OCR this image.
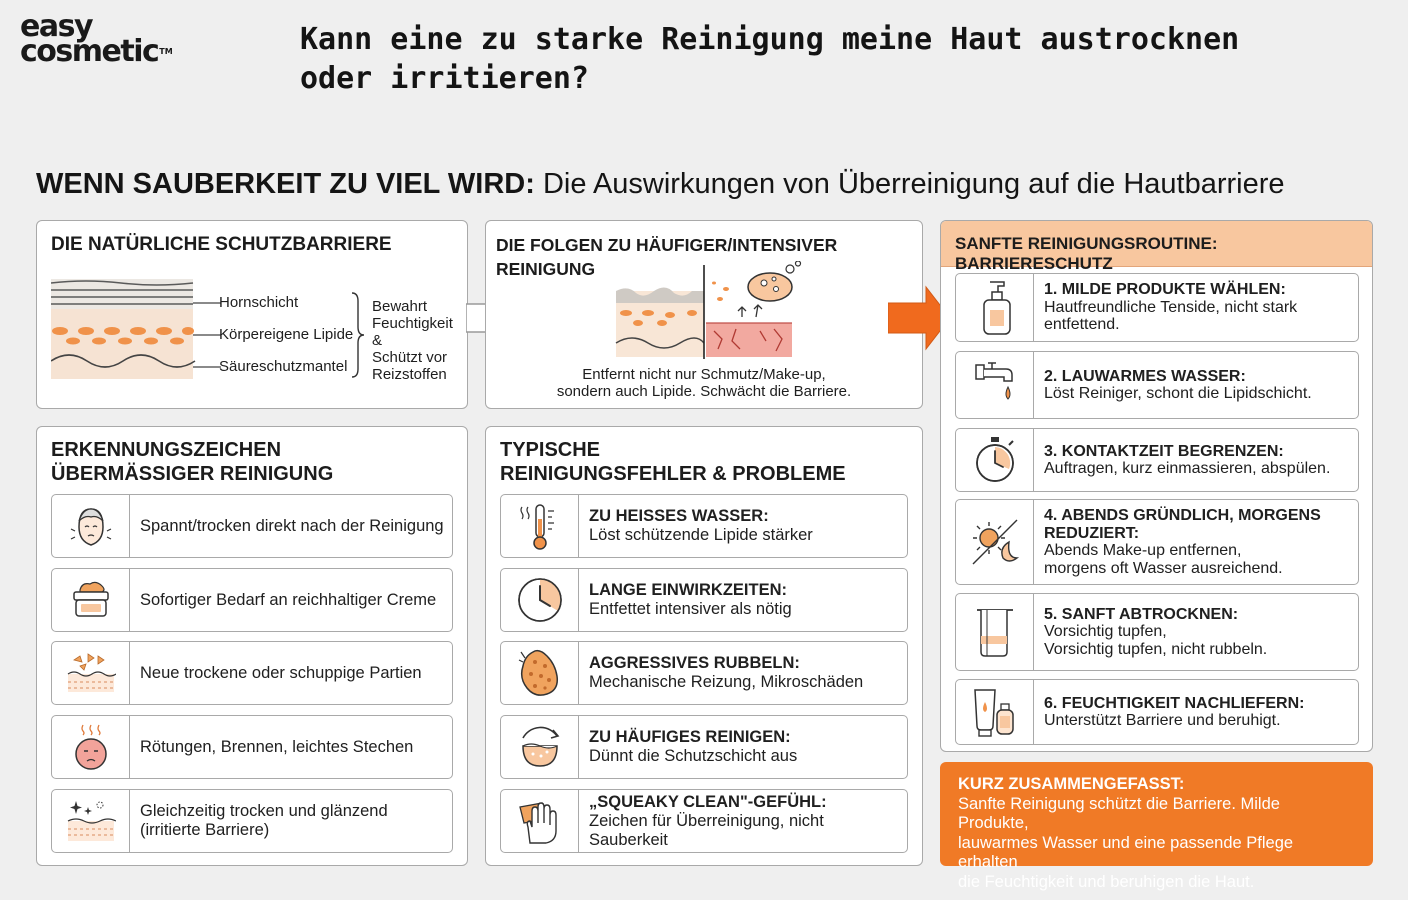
easy
cosmetic™	Kann eine zu starke Reinigung meine Haut austrocknen oder irritieren?
WENN SAUBERKEIT ZU VIEL WIRD: Die Auswirkungen von Überreinigung auf die Hautbarriere
DIE NATÜRLICHE SCHUTZBARRIERE
Hornschicht
Körpereigene Lipide
Säureschutzmantel
Bewahrt
Feuchtigkeit &
Schützt vor
Reizstoffen
DIE FOLGEN ZU HÄUFIGER/INTENSIVER REINIGUNG
Entfernt nicht nur Schmutz/Make-up,
sondern auch Lipide. Schwächt die Barriere.
ERKENNUNGSZEICHEN
ÜBERMÄSSIGER REINIGUNG
Spannt/trocken direkt nach der Reinigung
Sofortiger Bedarf an reichhaltiger Creme
Neue trockene oder schuppige Partien
Rötungen, Brennen, leichtes Stechen
Gleichzeitig trocken und glänzend
(irritierte Barriere)
TYPISCHE
REINIGUNGSFEHLER & PROBLEME
ZU HEISSES WASSER:
Löst schützende Lipide stärker
LANGE EINWIRKZEITEN:
Entfettet intensiver als nötig
AGGRESSIVES RUBBELN:
Mechanische Reizung, Mikroschäden
ZU HÄUFIGES REINIGEN:
Dünnt die Schutzschicht aus
„SQUEAKY CLEAN"-GEFÜHL:
Zeichen für Überreinigung, nicht Sauberkeit
SANFTE REINIGUNGSROUTINE: BARRIERESCHUTZ
1. MILDE PRODUKTE WÄHLEN:
Hautfreundliche Tenside, nicht stark
entfettend.
2. LAUWARMES WASSER:
Löst Reiniger, schont die Lipidschicht.
3. KONTAKTZEIT BEGRENZEN:
Auftragen, kurz einmassieren, abspülen.
4. ABENDS GRÜNDLICH, MORGENS REDUZIERT:
Abends Make-up entfernen,
morgens oft Wasser ausreichend.
5. SANFT ABTROCKNEN:
Vorsichtig tupfen,
Vorsichtig tupfen, nicht rubbeln.
6. FEUCHTIGKEIT NACHLIEFERN:
Unterstützt Barriere und beruhigt.
KURZ ZUSAMMENGEFASST:
Sanfte Reinigung schützt die Barriere. Milde Produkte,
lauwarmes Wasser und eine passende Pflege erhalten
die Feuchtigkeit und beruhigen die Haut.
